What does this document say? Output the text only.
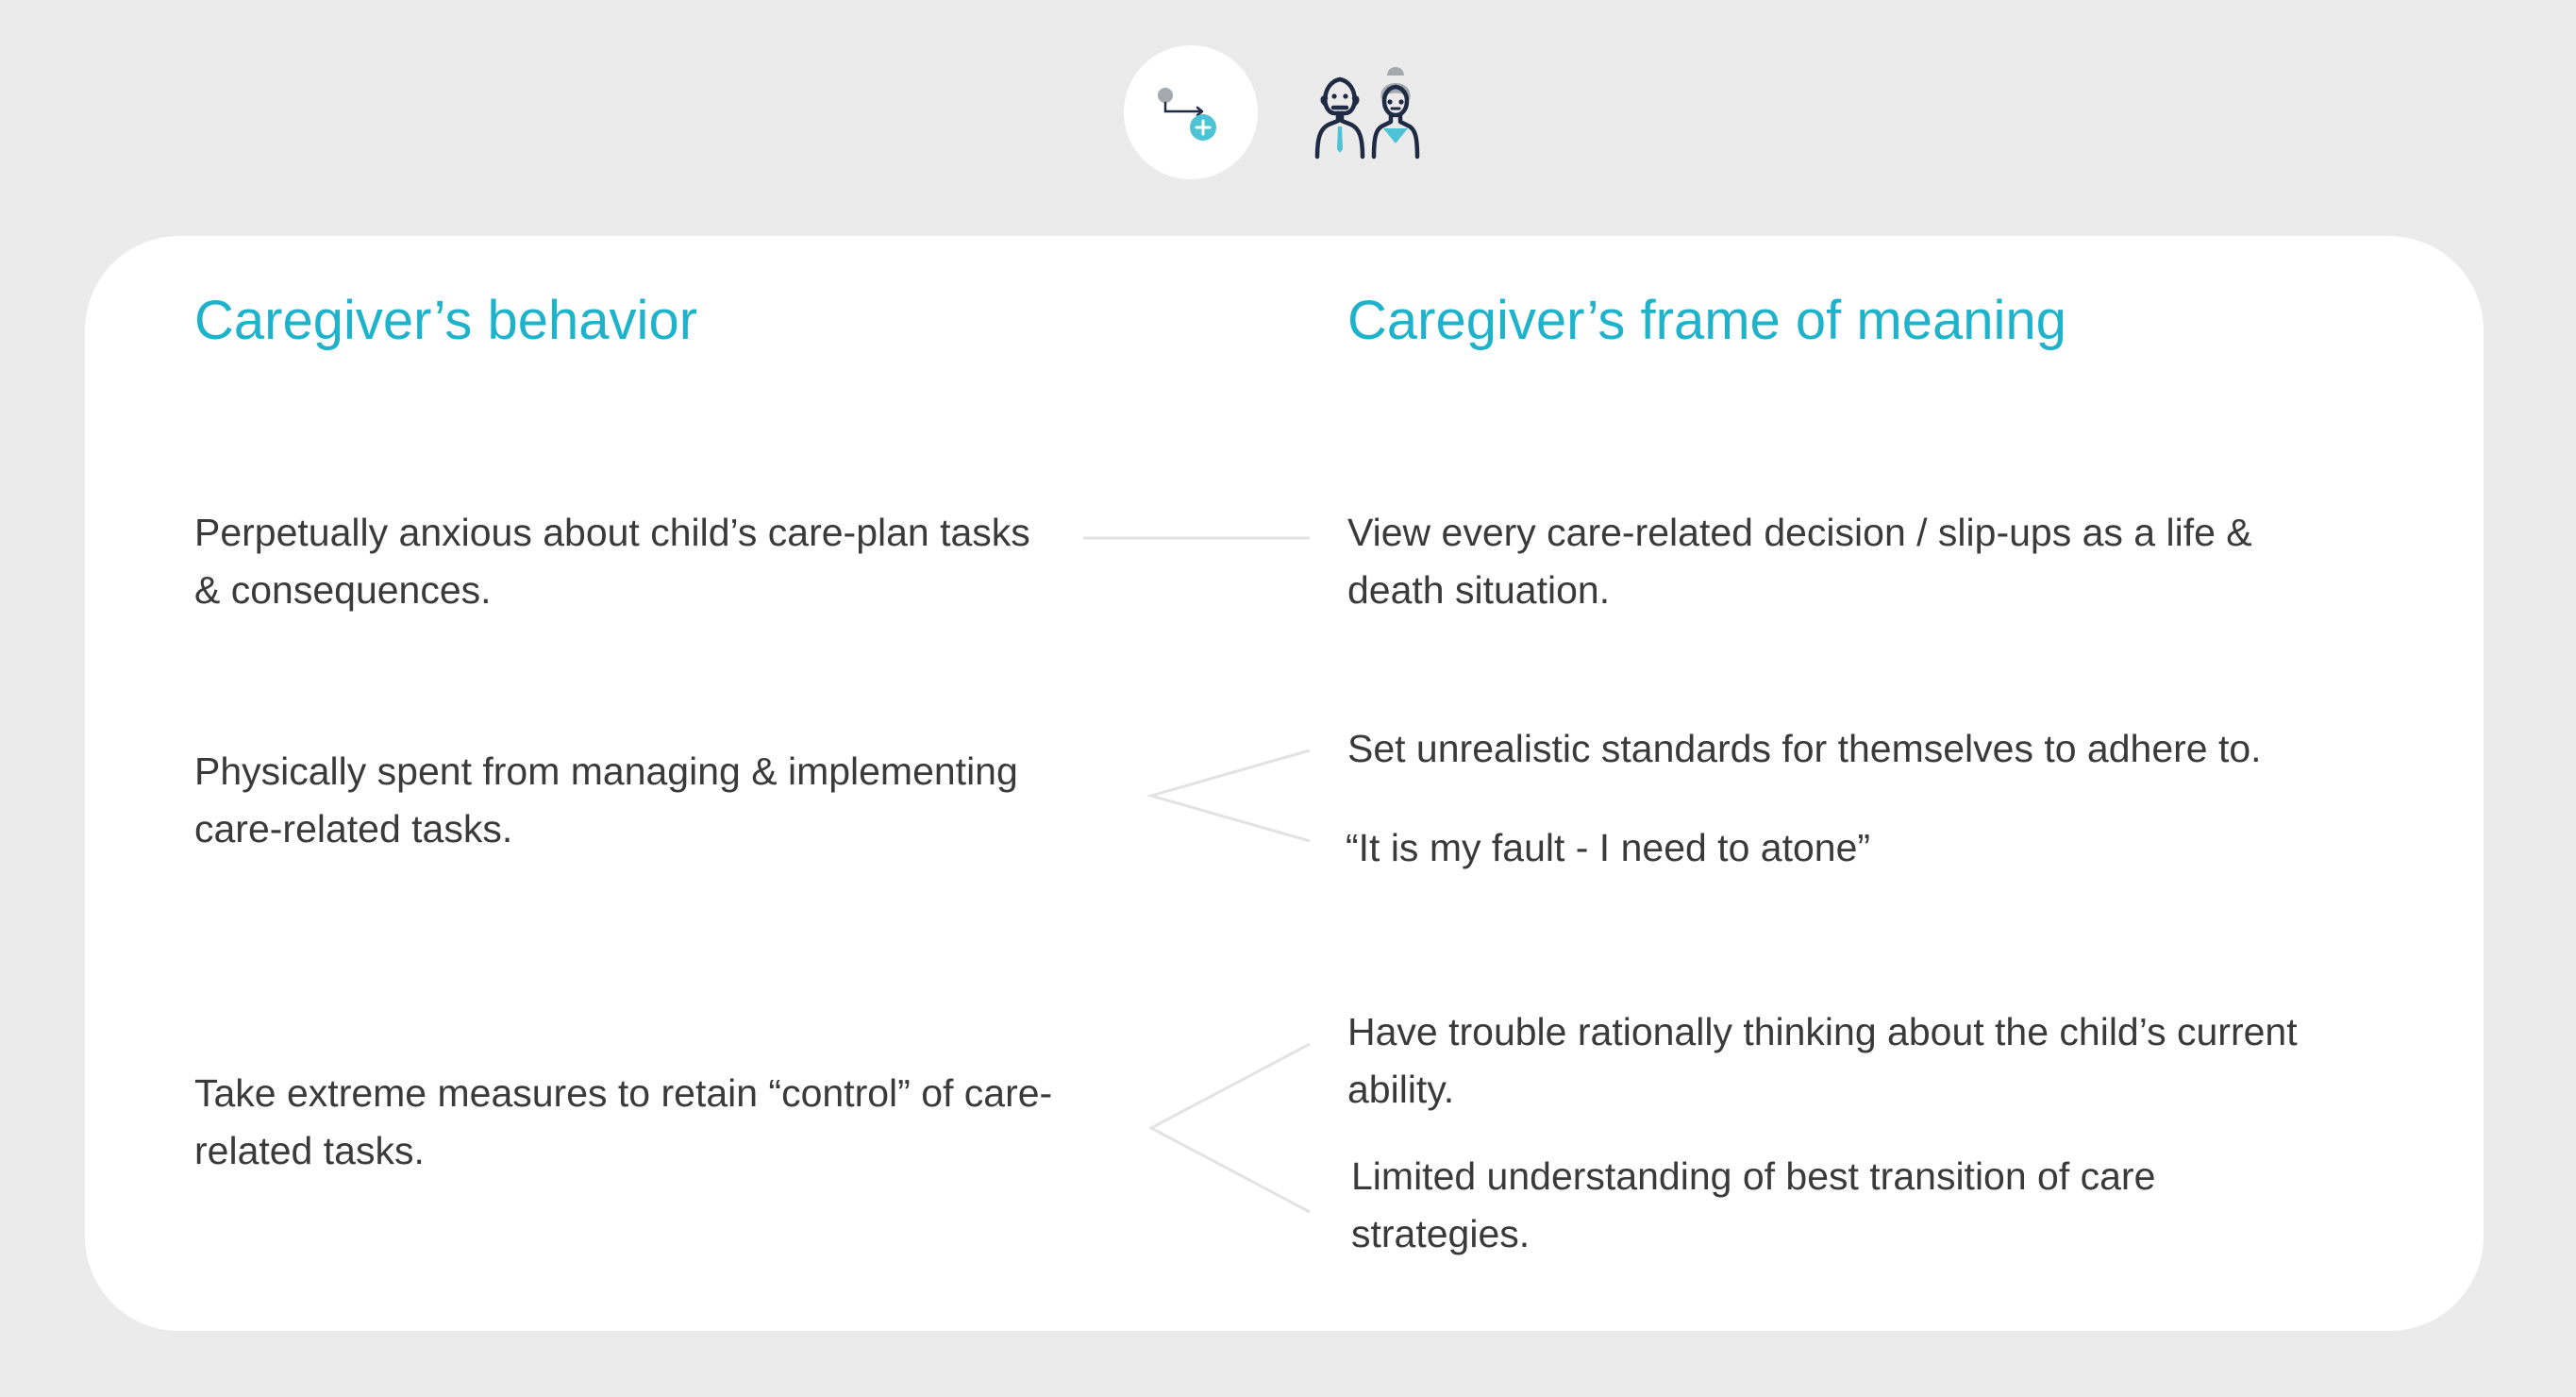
Caregiver’s behavior	Caregiver’s frame of meaning

Perpetually anxious about child’s care-plan tasks & consequences.

View every care-related decision / slip-ups as a life & death situation.

Physically spent from managing & implementing care-related tasks.

Set unrealistic standards for themselves to adhere to.

“It is my fault - I need to atone”

Take extreme measures to retain “control” of care-related tasks.

Have trouble rationally thinking about the child’s current ability.

Limited understanding of best transition of care strategies.
